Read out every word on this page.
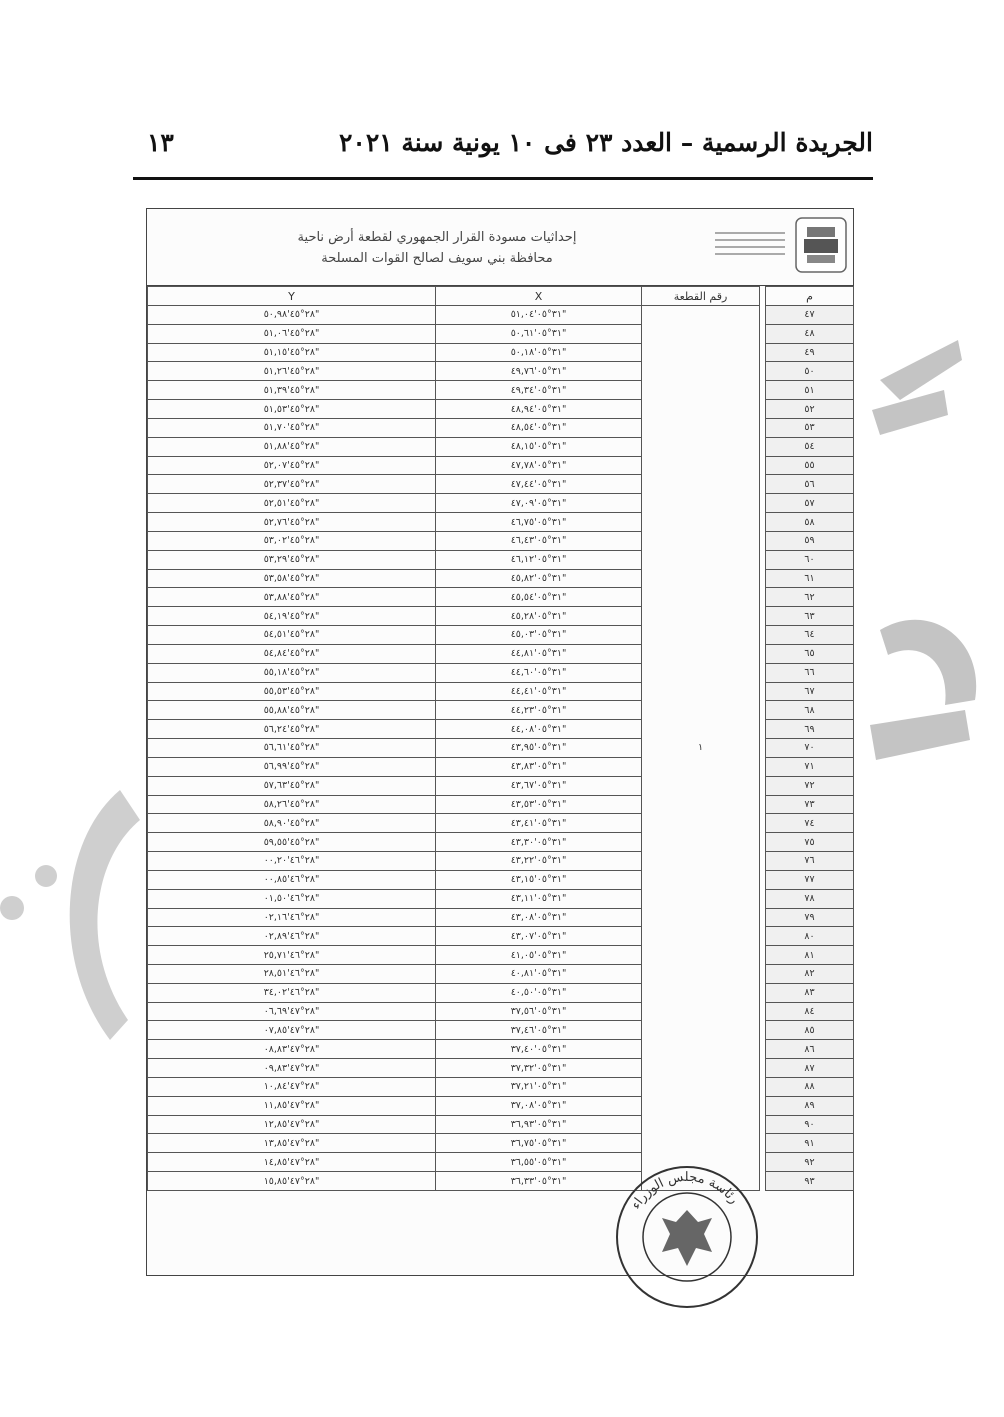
الجريدة الرسمية – العدد ٢٣ فى ١٠ يونية سنة ٢٠٢١
١٣
إحداثيات مسودة القرار الجمهوري لقطعة أرض ناحية
محافظة بني سويف لصالح القوات المسلحة
Y	X	رقم القطعة		م
٢٨°٤٥'٥٠,٩٨"	٣١°٠٥'٥١,٠٤"			٤٧
٢٨°٤٥'٥١,٠٦"	٣١°٠٥'٥٠,٦١"			٤٨
٢٨°٤٥'٥١,١٥"	٣١°٠٥'٥٠,١٨"			٤٩
٢٨°٤٥'٥١,٢٦"	٣١°٠٥'٤٩,٧٦"			٥٠
٢٨°٤٥'٥١,٣٩"	٣١°٠٥'٤٩,٣٤"			٥١
٢٨°٤٥'٥١,٥٣"	٣١°٠٥'٤٨,٩٤"			٥٢
٢٨°٤٥'٥١,٧٠"	٣١°٠٥'٤٨,٥٤"			٥٣
٢٨°٤٥'٥١,٨٨"	٣١°٠٥'٤٨,١٥"			٥٤
٢٨°٤٥'٥٢,٠٧"	٣١°٠٥'٤٧,٧٨"			٥٥
٢٨°٤٥'٥٢,٣٧"	٣١°٠٥'٤٧,٤٤"			٥٦
٢٨°٤٥'٥٢,٥١"	٣١°٠٥'٤٧,٠٩"			٥٧
٢٨°٤٥'٥٢,٧٦"	٣١°٠٥'٤٦,٧٥"			٥٨
٢٨°٤٥'٥٣,٠٢"	٣١°٠٥'٤٦,٤٣"			٥٩
٢٨°٤٥'٥٣,٢٩"	٣١°٠٥'٤٦,١٢"			٦٠
٢٨°٤٥'٥٣,٥٨"	٣١°٠٥'٤٥,٨٢"			٦١
٢٨°٤٥'٥٣,٨٨"	٣١°٠٥'٤٥,٥٤"			٦٢
٢٨°٤٥'٥٤,١٩"	٣١°٠٥'٤٥,٢٨"			٦٣
٢٨°٤٥'٥٤,٥١"	٣١°٠٥'٤٥,٠٣"			٦٤
٢٨°٤٥'٥٤,٨٤"	٣١°٠٥'٤٤,٨١"			٦٥
٢٨°٤٥'٥٥,١٨"	٣١°٠٥'٤٤,٦٠"			٦٦
٢٨°٤٥'٥٥,٥٣"	٣١°٠٥'٤٤,٤١"			٦٧
٢٨°٤٥'٥٥,٨٨"	٣١°٠٥'٤٤,٢٣"			٦٨
٢٨°٤٥'٥٦,٢٤"	٣١°٠٥'٤٤,٠٨"			٦٩
٢٨°٤٥'٥٦,٦١"	٣١°٠٥'٤٣,٩٥"	١		٧٠
٢٨°٤٥'٥٦,٩٩"	٣١°٠٥'٤٣,٨٣"			٧١
٢٨°٤٥'٥٧,٦٣"	٣١°٠٥'٤٣,٦٧"			٧٢
٢٨°٤٥'٥٨,٢٦"	٣١°٠٥'٤٣,٥٣"			٧٣
٢٨°٤٥'٥٨,٩٠"	٣١°٠٥'٤٣,٤١"			٧٤
٢٨°٤٥'٥٩,٥٥"	٣١°٠٥'٤٣,٣٠"			٧٥
٢٨°٤٦'٠٠,٢٠"	٣١°٠٥'٤٣,٢٢"			٧٦
٢٨°٤٦'٠٠,٨٥"	٣١°٠٥'٤٣,١٥"			٧٧
٢٨°٤٦'٠١,٥٠"	٣١°٠٥'٤٣,١١"			٧٨
٢٨°٤٦'٠٢,١٦"	٣١°٠٥'٤٣,٠٨"			٧٩
٢٨°٤٦'٠٢,٨٩"	٣١°٠٥'٤٣,٠٧"			٨٠
٢٨°٤٦'٢٥,٧١"	٣١°٠٥'٤١,٠٥"			٨١
٢٨°٤٦'٢٨,٥١"	٣١°٠٥'٤٠,٨١"			٨٢
٢٨°٤٦'٣٤,٠٢"	٣١°٠٥'٤٠,٥٠"			٨٣
٢٨°٤٧'٠٦,٦٩"	٣١°٠٥'٣٧,٥٦"			٨٤
٢٨°٤٧'٠٧,٨٥"	٣١°٠٥'٣٧,٤٦"			٨٥
٢٨°٤٧'٠٨,٨٣"	٣١°٠٥'٣٧,٤٠"			٨٦
٢٨°٤٧'٠٩,٨٣"	٣١°٠٥'٣٧,٣٢"			٨٧
٢٨°٤٧'١٠,٨٤"	٣١°٠٥'٣٧,٢١"			٨٨
٢٨°٤٧'١١,٨٥"	٣١°٠٥'٣٧,٠٨"			٨٩
٢٨°٤٧'١٢,٨٥"	٣١°٠٥'٣٦,٩٣"			٩٠
٢٨°٤٧'١٣,٨٥"	٣١°٠٥'٣٦,٧٥"			٩١
٢٨°٤٧'١٤,٨٥"	٣١°٠٥'٣٦,٥٥"			٩٢
٢٨°٤٧'١٥,٨٥"	٣١°٠٥'٣٦,٣٣"			٩٣
رئاسة مجلس الوزراء
